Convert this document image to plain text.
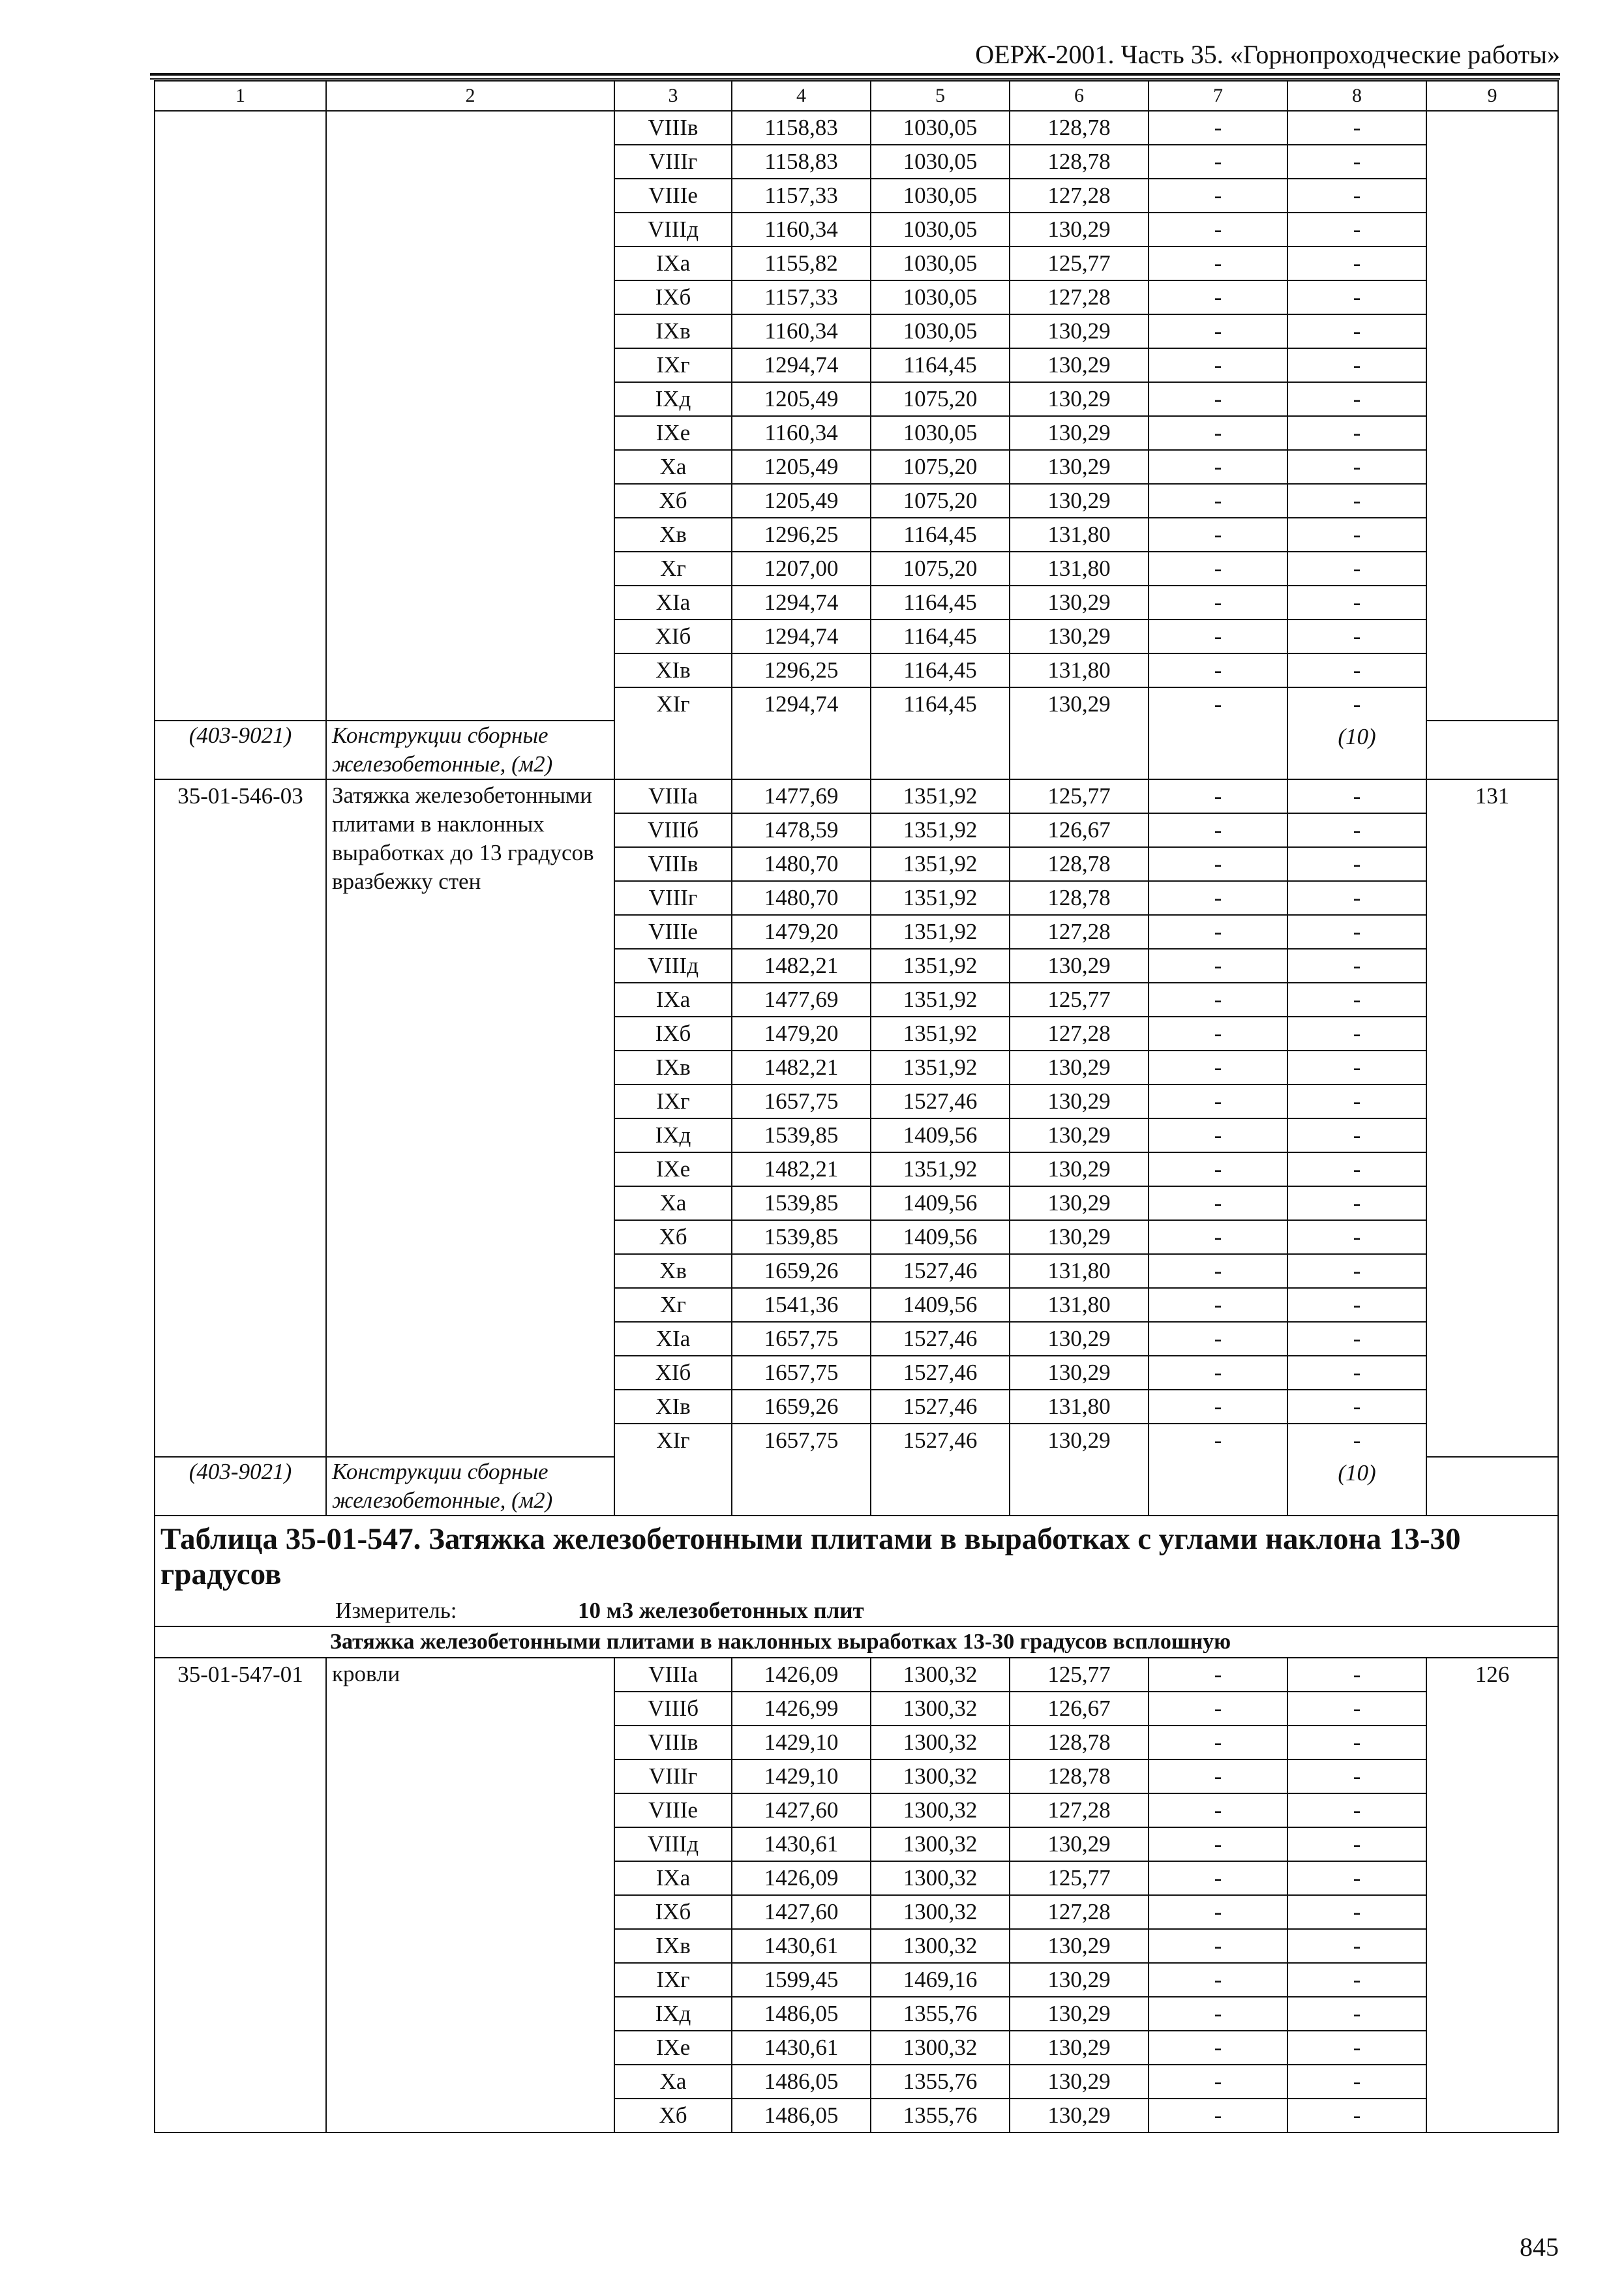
ОЕРЖ-2001. Часть 35. «Горнопроходческие работы»
1	2	3	4	5	6	7	8	9
		VIIIв	1158,83	1030,05	128,78	-	-	
		VIIIг	1158,83	1030,05	128,78	-	-	
		VIIIе	1157,33	1030,05	127,28	-	-	
		VIIIд	1160,34	1030,05	130,29	-	-	
		IXа	1155,82	1030,05	125,77	-	-	
		IXб	1157,33	1030,05	127,28	-	-	
		IXв	1160,34	1030,05	130,29	-	-	
		IXг	1294,74	1164,45	130,29	-	-	
		IXд	1205,49	1075,20	130,29	-	-	
		IXе	1160,34	1030,05	130,29	-	-	
		Xа	1205,49	1075,20	130,29	-	-	
		Xб	1205,49	1075,20	130,29	-	-	
		Xв	1296,25	1164,45	131,80	-	-	
		Xг	1207,00	1075,20	131,80	-	-	
		XIа	1294,74	1164,45	130,29	-	-	
		XIб	1294,74	1164,45	130,29	-	-	
		XIв	1296,25	1164,45	131,80	-	-	
		XIг	1294,74	1164,45	130,29	-	-	
(403-9021)	Конструкции сборные железобетонные, (м2)						(10)	
35-01-546-03	Затяжка железобетонными плитами в наклонных выработках до 13 градусов вразбежку стен	VIIIа	1477,69	1351,92	125,77	-	-	131
		VIIIб	1478,59	1351,92	126,67	-	-	
		VIIIв	1480,70	1351,92	128,78	-	-	
		VIIIг	1480,70	1351,92	128,78	-	-	
		VIIIе	1479,20	1351,92	127,28	-	-	
		VIIIд	1482,21	1351,92	130,29	-	-	
		IXа	1477,69	1351,92	125,77	-	-	
		IXб	1479,20	1351,92	127,28	-	-	
		IXв	1482,21	1351,92	130,29	-	-	
		IXг	1657,75	1527,46	130,29	-	-	
		IXд	1539,85	1409,56	130,29	-	-	
		IXе	1482,21	1351,92	130,29	-	-	
		Xа	1539,85	1409,56	130,29	-	-	
		Xб	1539,85	1409,56	130,29	-	-	
		Xв	1659,26	1527,46	131,80	-	-	
		Xг	1541,36	1409,56	131,80	-	-	
		XIа	1657,75	1527,46	130,29	-	-	
		XIб	1657,75	1527,46	130,29	-	-	
		XIв	1659,26	1527,46	131,80	-	-	
		XIг	1657,75	1527,46	130,29	-	-	
(403-9021)	Конструкции сборные железобетонные, (м2)						(10)	

Таблица 35-01-547. Затяжка железобетонными плитами в выработках с углами наклона 13-30 градусов
Измеритель: 10 м3 железобетонных плит								

Затяжка железобетонными плитами в наклонных выработках 13-30 градусов всплошную								
35-01-547-01	кровли	VIIIа	1426,09	1300,32	125,77	-	-	126
		VIIIб	1426,99	1300,32	126,67	-	-	
		VIIIв	1429,10	1300,32	128,78	-	-	
		VIIIг	1429,10	1300,32	128,78	-	-	
		VIIIе	1427,60	1300,32	127,28	-	-	
		VIIIд	1430,61	1300,32	130,29	-	-	
		IXа	1426,09	1300,32	125,77	-	-	
		IXб	1427,60	1300,32	127,28	-	-	
		IXв	1430,61	1300,32	130,29	-	-	
		IXг	1599,45	1469,16	130,29	-	-	
		IXд	1486,05	1355,76	130,29	-	-	
		IXе	1430,61	1300,32	130,29	-	-	
		Xа	1486,05	1355,76	130,29	-	-	
		Xб	1486,05	1355,76	130,29	-	-	
845
